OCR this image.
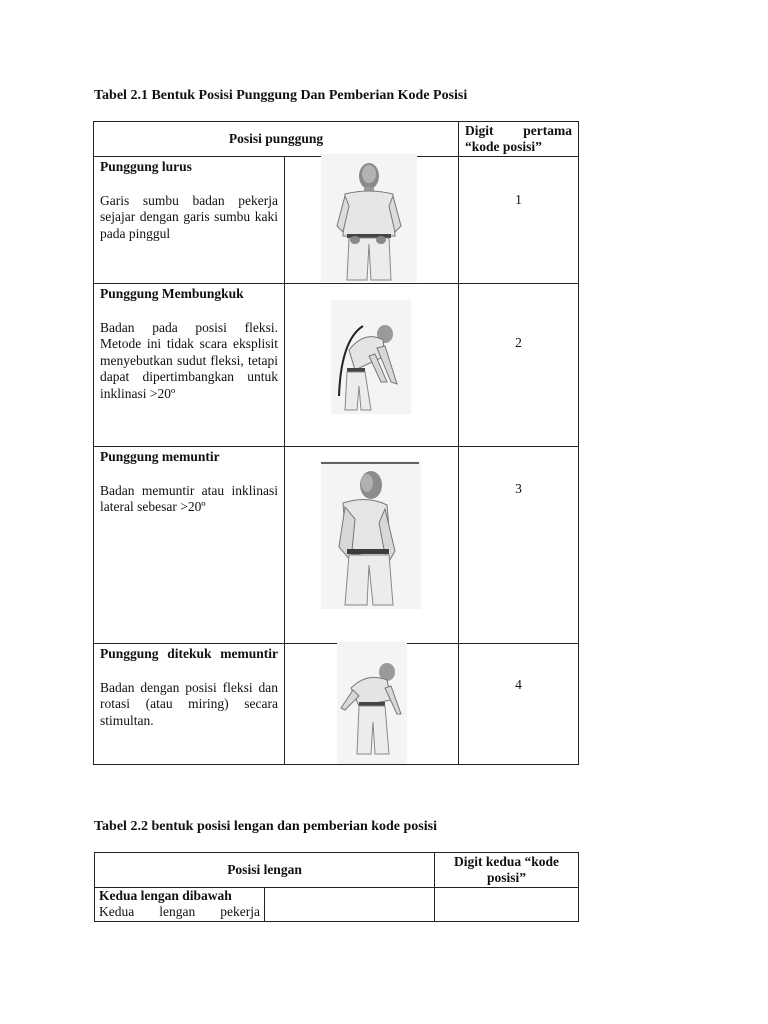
Tabel 2.1 Bentuk Posisi Punggung Dan Pemberian Kode Posisi

Posisi punggung		Digit pertama “kode posisi”

Punggung lurus
Garis sumbu badan pekerja sejajar dengan garis sumbu kaki pada pinggul		1

Punggung Membungkuk
Badan pada posisi fleksi. Metode ini tidak scara eksplisit menyebutkan sudut fleksi, tetapi dapat dipertimbangkan untuk inklinasi >20º		2

Punggung memuntir
Badan memuntir atau inklinasi lateral sebesar >20º		3

Punggung ditekuk memuntir
Badan dengan posisi fleksi dan rotasi (atau miring) secara stimultan.		4

Tabel 2.2 bentuk posisi lengan dan pemberian kode posisi

Posisi lengan		Digit kedua “kode posisi”

Kedua lengan dibawah
Kedua lengan pekerja		
